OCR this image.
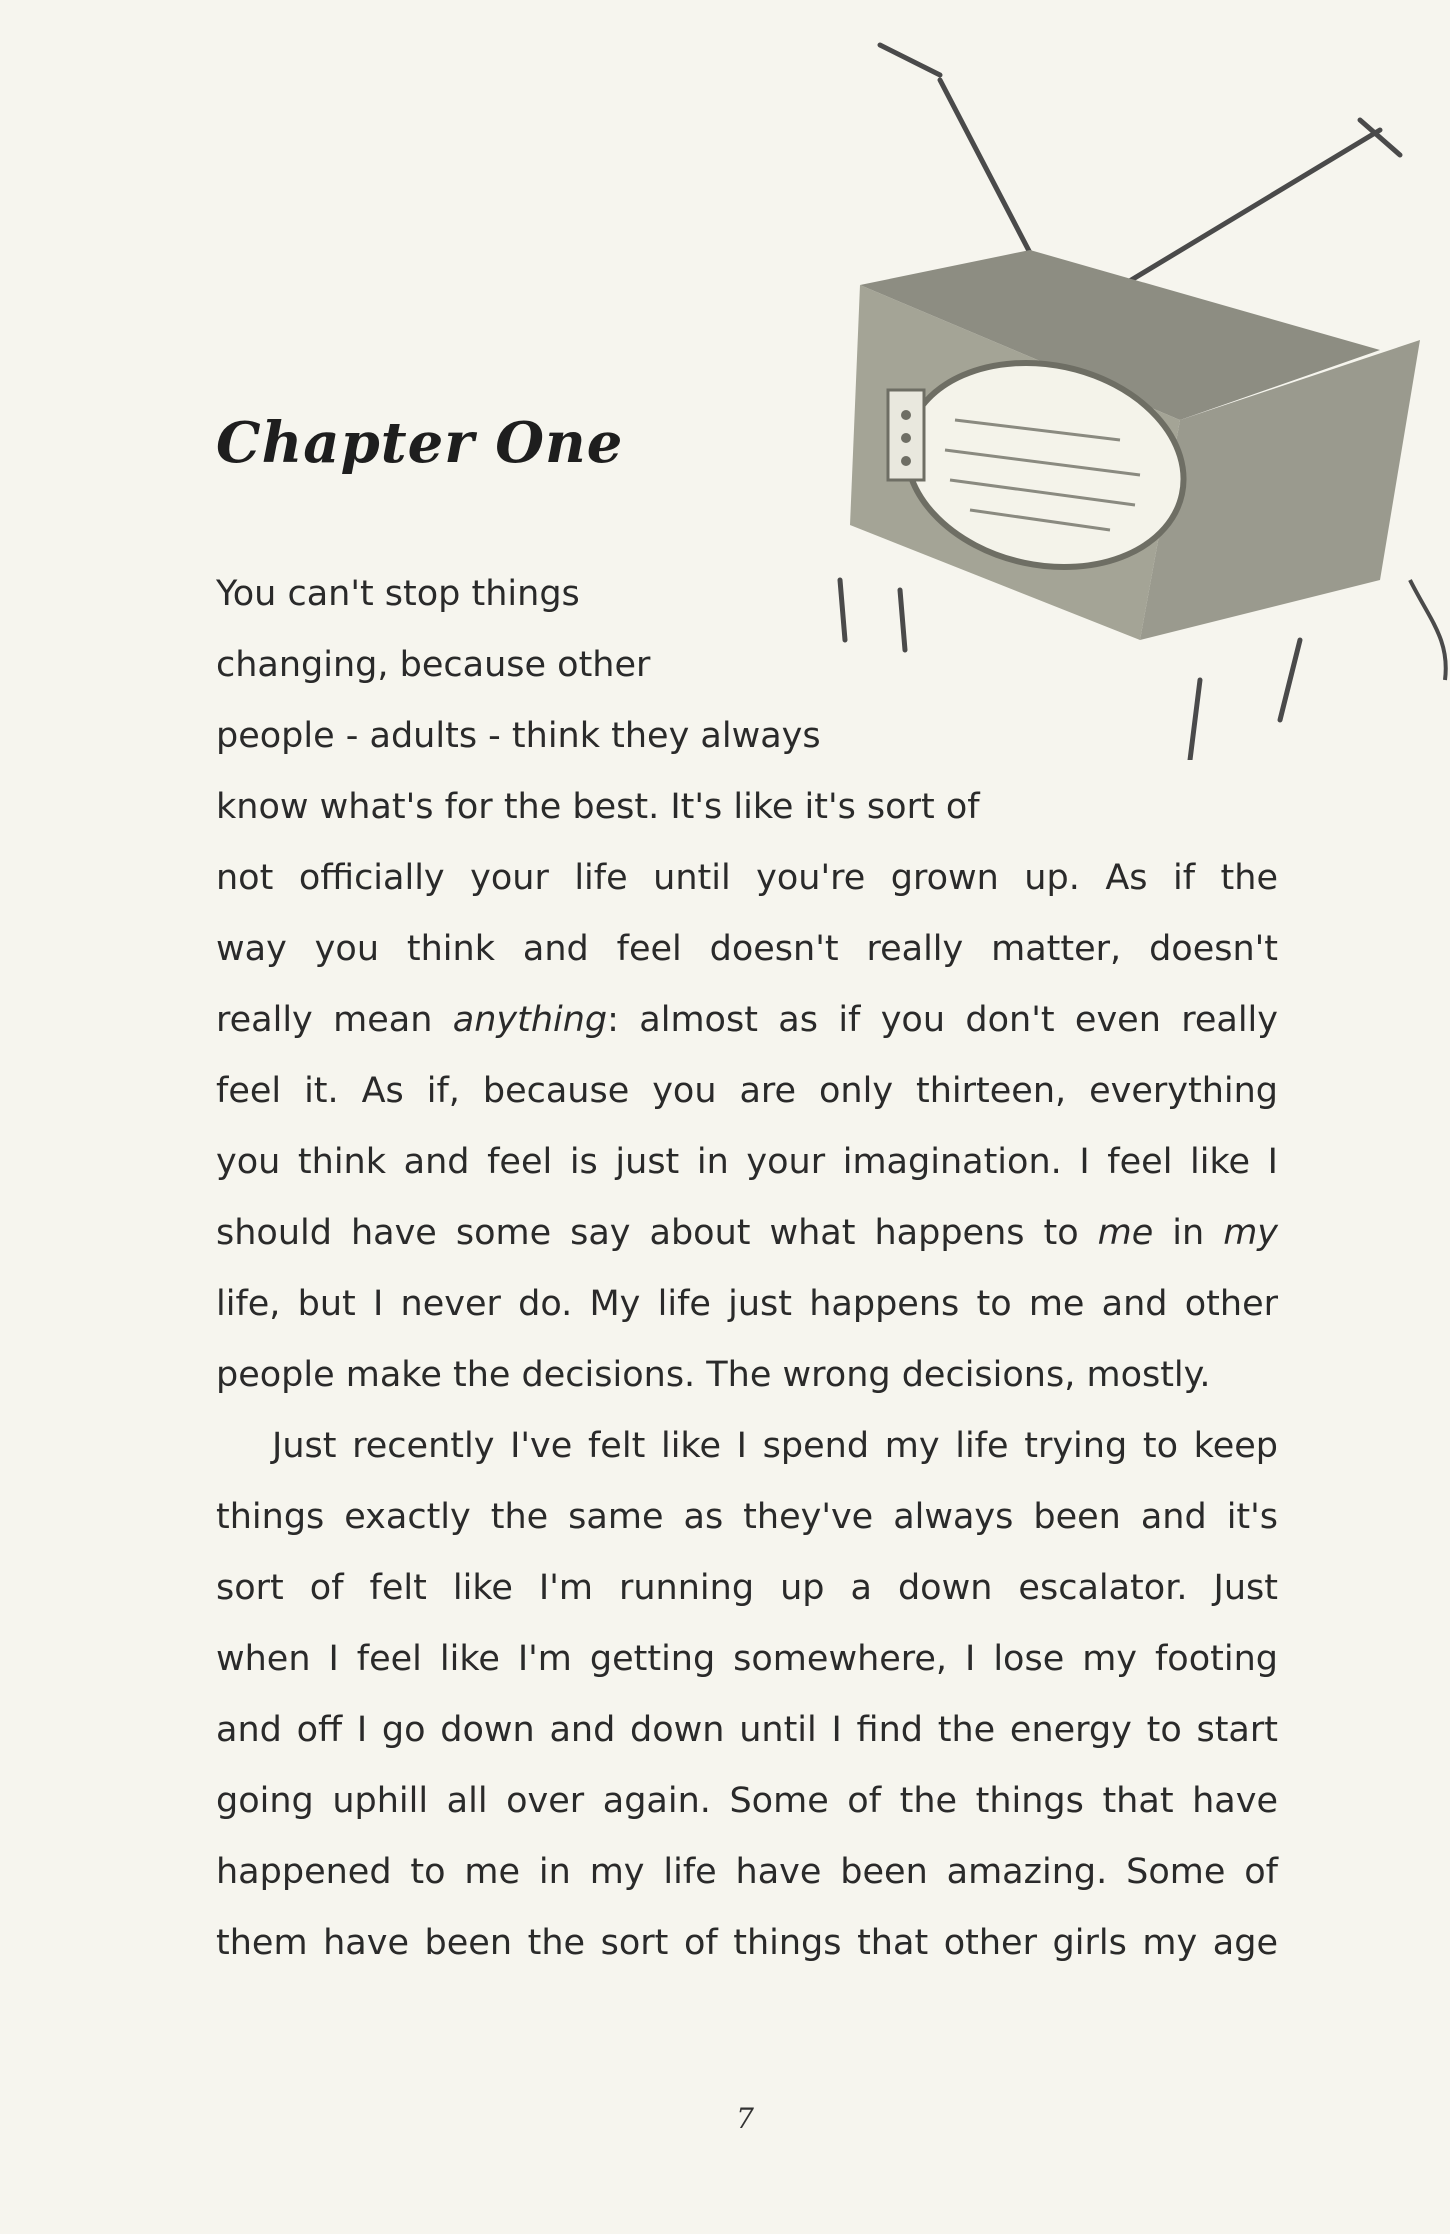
Chapter One
You can't stop things
changing, because other
people - adults - think they always
know what's for the best. It's like it's sort of
not officially your life until you're grown up. As if the
way you think and feel doesn't really matter, doesn't
really mean anything: almost as if you don't even really
feel it. As if, because you are only thirteen, everything
you think and feel is just in your imagination. I feel like I
should have some say about what happens to me in my
life, but I never do. My life just happens to me and other
people make the decisions. The wrong decisions, mostly.
Just recently I've felt like I spend my life trying to keep
things exactly the same as they've always been and it's
sort of felt like I'm running up a down escalator. Just
when I feel like I'm getting somewhere, I lose my footing
and off I go down and down until I find the energy to start
going uphill all over again. Some of the things that have
happened to me in my life have been amazing. Some of
them have been the sort of things that other girls my age
7
